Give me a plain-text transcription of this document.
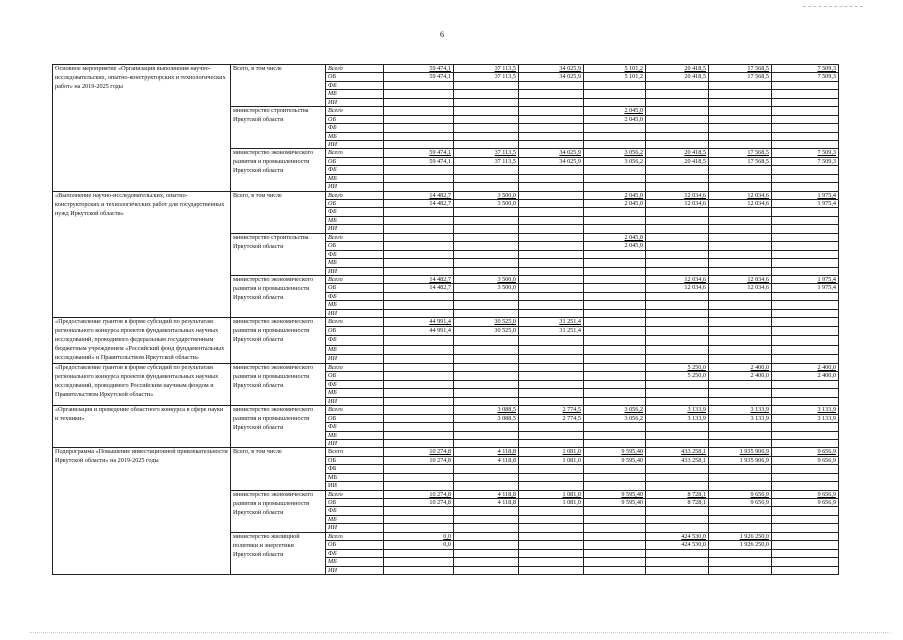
6
Основное мероприятие «Организация выполнения научно-исследовательских, опытно-конструкторских и технологических работ» на 2019-2025 годы	Всего, в том числе	Всего	59 474,1	37 113,5	34 025,9	5 101,2	20 418,5	17 568,5	7 509,3
		ОБ	59 474,1	37 113,5	34 025,9	5 101,2	20 418,5	17 568,5	7 509,3
		ФБ							
		МБ							
		ИИ							
	министерство строительства Иркутской области	Всего				2 045,0			
		ОБ				2 045,0			
		ФБ							
		МБ							
		ИИ							
	министерство экономического развития и промышленности Иркутской области	Всего	59 474,1	37 113,5	34 025,9	3 056,2	20 418,5	17 568,5	7 509,3
		ОБ	59 474,1	37 113,5	34 025,9	3 056,2	20 418,5	17 568,5	7 509,3
		ФБ							
		МБ							
		ИИ							
«Выполнение научно-исследовательских, опытно-конструкторских и технологических работ для государственных нужд Иркутской области»	Всего, в том числе	Всего	14 482,7	3 500,0		2 045,0	12 034,6	12 034,6	1 975,4
		ОБ	14 482,7	3 500,0		2 045,0	12 034,6	12 034,6	1 975,4
		ФБ							
		МБ							
		ИИ							
	министерство строительства Иркутской области	Всего				2 045,0			
		ОБ				2 045,0			
		ФБ							
		МБ							
		ИИ							
	министерство экономического развития и промышленности Иркутской области	Всего	14 482,7	3 500,0			12 034,6	12 034,6	1 975,4
		ОБ	14 482,7	3 500,0			12 034,6	12 034,6	1 975,4
		ФБ							
		МБ							
		ИИ							
«Предоставление грантов в форме субсидий по результатам регионального конкурса проектов фундаментальных научных исследований, проводимого федеральным государственным бюджетным учреждением «Российский фонд фундаментальных исследований» и Правительством Иркутской области»	министерство экономического развития и промышленности Иркутской области	Всего	44 991,4	30 525,0	31 251,4				
		ОБ	44 991,4	30 525,0	31 251,4				
		ФБ							
		МБ							
		ИИ							
«Предоставление грантов в форме субсидий по результатам регионального конкурса проектов фундаментальных научных исследований, проводимого Российским научным фондом и Правительством Иркутской области»	министерство экономического развития и промышленности Иркутской области	Всего					5 250,0	2 400,0	2 400,0
		ОБ					5 250,0	2 400,0	2 400,0
		ФБ							
		МБ							
		ИИ							
«Организация и проведение областного конкурса в сфере науки и техники»	министерство экономического развития и промышленности Иркутской области	Всего		3 088,5	2 774,5	3 056,2	3 133,9	3 133,9	3 133,9
		ОБ		3 088,5	2 774,5	3 056,2	3 133,9	3 133,9	3 133,9
		ФБ							
		МБ							
		ИИ							
Подпрограмма «Повышение инвестиционной привлекательности Иркутской области» на 2019-2025 годы	Всего, в том числе	Всего	10 274,8	4 118,8	1 081,0	9 595,40	433 258,1	1 935 906,9	9 656,9
		ОБ	10 274,8	4 118,8	1 081,0	9 595,40	433 258,1	1 935 906,9	9 656,9
		ФБ							
		МБ							
		ИИ							
	министерство экономического развития и промышленности Иркутской области	Всего	10 274,8	4 118,8	1 081,0	9 595,40	8 728,1	9 656,9	9 656,9
		ОБ	10 274,8	4 118,8	1 081,0	9 595,40	8 728,1	9 656,9	9 656,9
		ФБ							
		МБ							
		ИИ							
	министерство жилищной политики и энергетики Иркутской области	Всего	0,0				424 530,0	1 926 250,0	
		ОБ	0,0				424 530,0	1 926 250,0	
		ФБ							
		МБ							
		ИИ							
